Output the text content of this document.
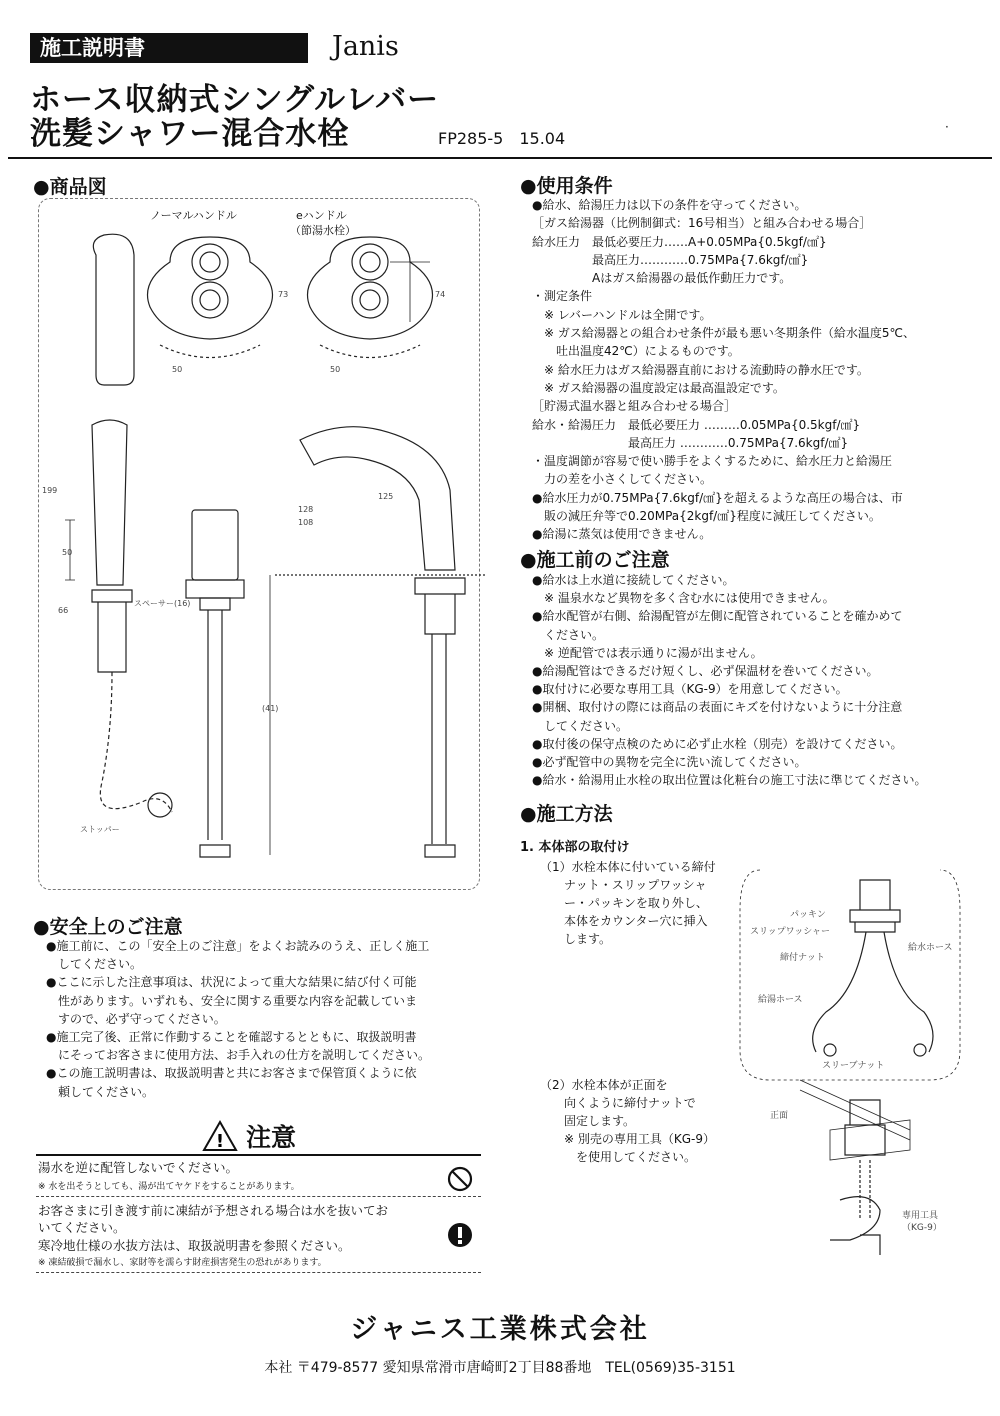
施工説明書	Janis
ホース収納式シングルレバー
洗髪シャワー混合水栓	FP285-5　15.04
·
●商品図
ノーマルハンドル	eハンドル
（節湯水栓）
73	74
50	50
199
128
108
125
(41)
50
66
スペーサー(16)
ストッパー
●安全上のご注意
●施工前に、この「安全上のご注意」をよくお読みのうえ、正しく施工
　してください。
●ここに示した注意事項は、状況によって重大な結果に結び付く可能
　性があります。いずれも、安全に関する重要な内容を記載していま
　すので、必ず守ってください。
●施工完了後、正常に作動することを確認するとともに、取扱説明書
　にそってお客さまに使用方法、お手入れの仕方を説明してください。
●この施工説明書は、取扱説明書と共にお客さまで保管頂くように依
　頼してください。
! 注意
湯水を逆に配管しないでください。
※ 水を出そうとしても、湯が出てヤケドをすることがあります。
お客さまに引き渡す前に凍結が予想される場合は水を抜いてお
いてください。
寒冷地仕様の水抜方法は、取扱説明書を参照ください。
※ 凍結破損で漏水し、家財等を濡らす財産損害発生の恐れがあります。
●使用条件
●給水、給湯圧力は以下の条件を守ってください。
［ガス給湯器（比例制御式：16号相当）と組み合わせる場合］
給水圧力　最低必要圧力……A+0.05MPa{0.5kgf/㎠}
　　　　　最高圧力…………0.75MPa{7.6kgf/㎠}
　　　　　Aはガス給湯器の最低作動圧力です。
・測定条件
　※ レバーハンドルは全開です。
　※ ガス給湯器との組合わせ条件が最も悪い冬期条件（給水温度5℃、
　　吐出温度42℃）によるものです。
　※ 給水圧力はガス給湯器直前における流動時の静水圧です。
　※ ガス給湯器の温度設定は最高温設定です。
［貯湯式温水器と組み合わせる場合］
給水・給湯圧力　最低必要圧力 ………0.05MPa{0.5kgf/㎠}
　　　　　　　　最高圧力 …………0.75MPa{7.6kgf/㎠}
・温度調節が容易で使い勝手をよくするために、給水圧力と給湯圧
　力の差を小さくしてください。
●給水圧力が0.75MPa{7.6kgf/㎠}を超えるような高圧の場合は、市
　販の減圧弁等で0.20MPa{2kgf/㎠}程度に減圧してください。
●給湯に蒸気は使用できません。
●施工前のご注意
●給水は上水道に接続してください。
　※ 温泉水など異物を多く含む水には使用できません。
●給水配管が右側、給湯配管が左側に配管されていることを確かめて
　ください。
　※ 逆配管では表示通りに湯が出ません。
●給湯配管はできるだけ短くし、必ず保温材を巻いてください。
●取付けに必要な専用工具（KG-9）を用意してください。
●開梱、取付けの際には商品の表面にキズを付けないように十分注意
　してください。
●取付後の保守点検のために必ず止水栓（別売）を設けてください。
●必ず配管中の異物を完全に洗い流してください。
●給水・給湯用止水栓の取出位置は化粧台の施工寸法に準じてください。
●施工方法
1. 本体部の取付け
（1）水栓本体に付いている締付
　　ナット・スリップワッシャ
　　ー・パッキンを取り外し、
　　本体をカウンター穴に挿入
　　します。
（2）水栓本体が正面を
　　向くように締付ナットで
　　固定します。
　　※ 別売の専用工具（KG-9）
　　　を使用してください。
パッキン
スリップワッシャー
締付ナット
給水ホース
給湯ホース
スリーブナット
正面
専用工具
（KG-9）
ジャニス工業株式会社
本社 〒479-8577 愛知県常滑市唐崎町2丁目88番地　TEL(0569)35-3151
